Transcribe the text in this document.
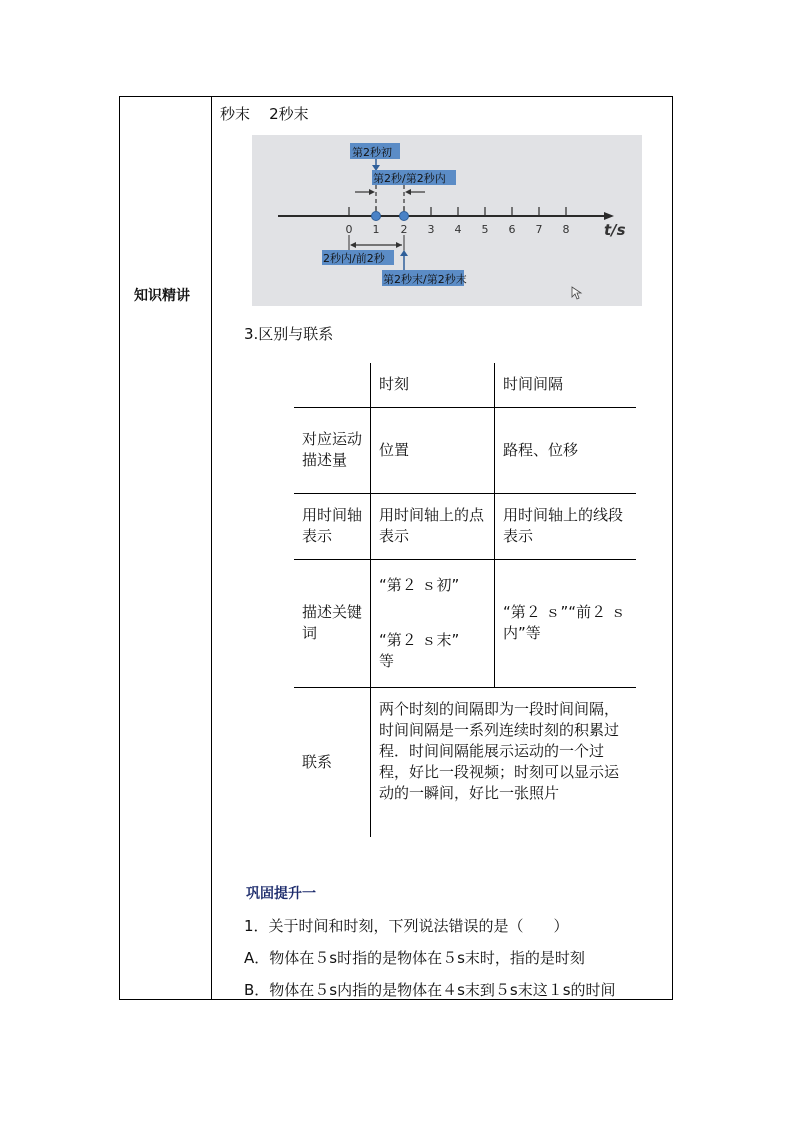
知识精讲
秒末    2秒末
0 1 2 3 4 5 6 7 8 t/s
第2秒初
第2秒/第2秒内
2秒内/前2秒
第2秒末/第2秒末
3.区别与联系
	时刻	时间间隔
对应运动描述量	位置	路程、位移
用时间轴表示	用时间轴上的点表示	用时间轴上的线段表示
描述关键词	“第２ ｓ初”
“第２ ｓ末”
等	“第２ ｓ”“前２ ｓ内”等
联系	两个时刻的间隔即为一段时间间隔，时间间隔是一系列连续时刻的积累过程．时间间隔能展示运动的一个过程，好比一段视频；时刻可以显示运动的一瞬间，好比一张照片	
巩固提升一
1．关于时间和时刻，下列说法错误的是（　　）
A．物体在５s时指的是物体在５s末时，指的是时刻
B．物体在５s内指的是物体在４s末到５s末这１s的时间
